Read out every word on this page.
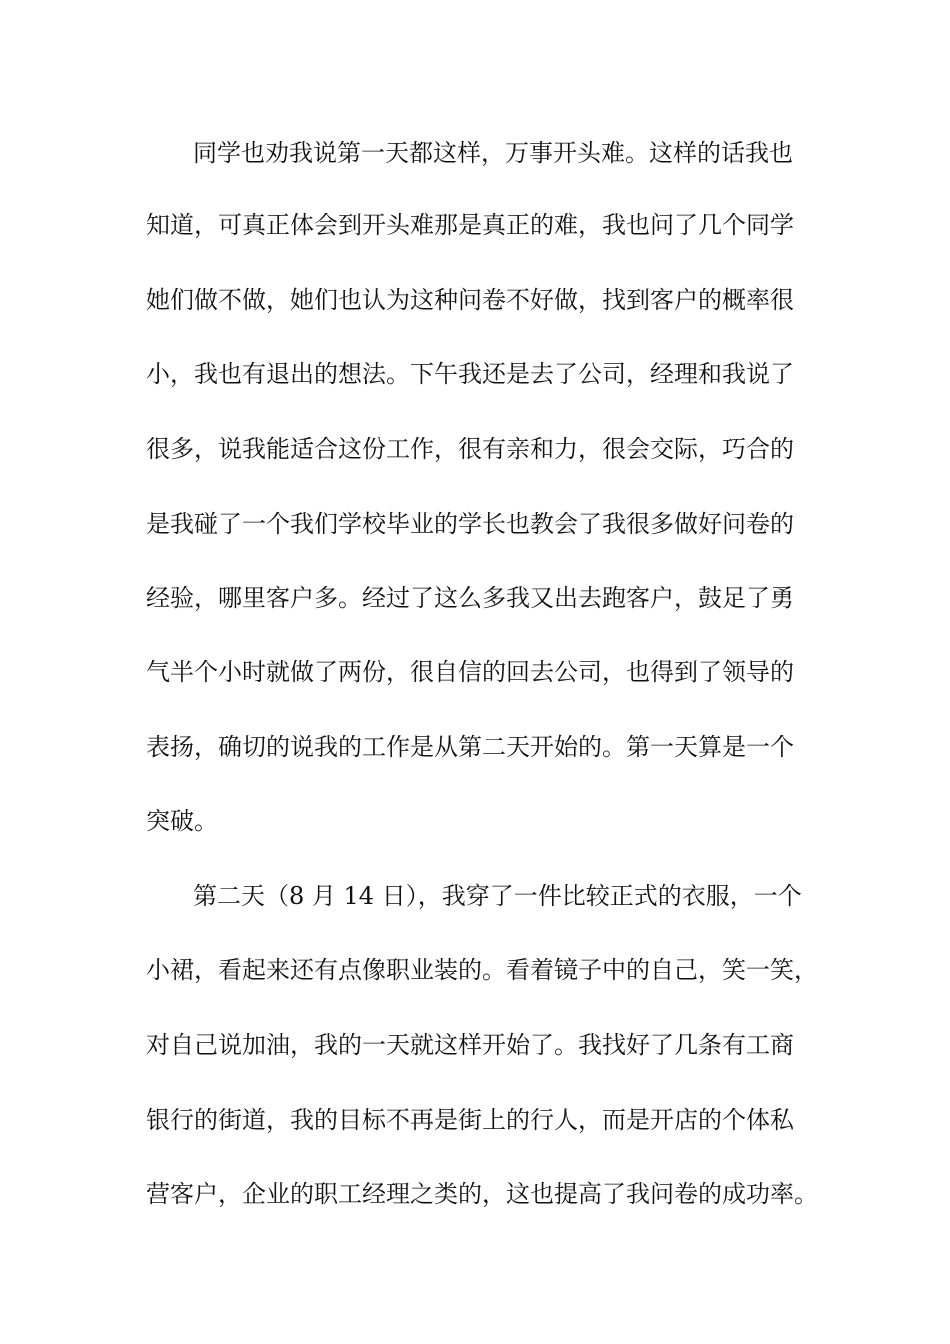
同学也劝我说第一天都这样，万事开头难。这样的话我也
知道，可真正体会到开头难那是真正的难，我也问了几个同学
她们做不做，她们也认为这种问卷不好做，找到客户的概率很
小，我也有退出的想法。下午我还是去了公司，经理和我说了
很多，说我能适合这份工作，很有亲和力，很会交际，巧合的
是我碰了一个我们学校毕业的学长也教会了我很多做好问卷的
经验，哪里客户多。经过了这么多我又出去跑客户，鼓足了勇
气半个小时就做了两份，很自信的回去公司，也得到了领导的
表扬，确切的说我的工作是从第二天开始的。第一天算是一个
突破。
第二天（8 月 14 日），我穿了一件比较正式的衣服，一个
小裙，看起来还有点像职业装的。看着镜子中的自己，笑一笑，
对自己说加油，我的一天就这样开始了。我找好了几条有工商
银行的街道，我的目标不再是街上的行人，而是开店的个体私
营客户，企业的职工经理之类的，这也提高了我问卷的成功率。
